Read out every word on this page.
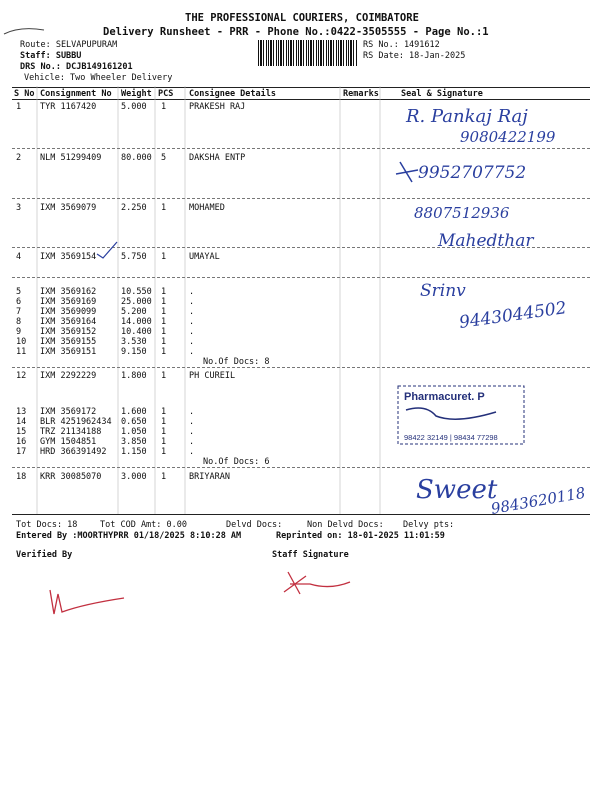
THE PROFESSIONAL COURIERS, COIMBATORE
Delivery Runsheet - PRR - Phone No.:0422-3505555 - Page No.:1
Route: SELVAPUPURAM
Staff: SUBBU
DRS No.: DCJB149161201
Vehicle: Two Wheeler Delivery
RS No.: 1491612
RS Date: 18-Jan-2025
S No Consignment No Weight PCS Consignee Details	Remarks	Seal & Signature
1 TYR 1167420	5.000 1	PRAKESH RAJ
2 NLM 51299409 80.000 5	DAKSHA ENTP
3 IXM 3569079	2.250 1	MOHAMED
4 IXM 3569154	5.750 1	UMAYAL
5 IXM 3569162	10.550 1	.
6 IXM 3569169	25.000 1	.
7 IXM 3569099	5.200 1	.
8 IXM 3569164	14.000 1	.
9 IXM 3569152	10.400 1	.
10 IXM 3569155	3.530 1	.
11 IXM 3569151	9.150 1	.
No.Of Docs: 8
12 IXM 2292229	1.800 1	PH CUREIL
13 IXM 3569172	1.600 1	.
14 BLR 4251962434 0.650 1	.
15 TRZ 21134188 1.050 1	.
16 GYM 1504851	3.850 1	.
17 HRD 366391492 1.150 1	.
No.Of Docs: 6
18 KRR 30085070 3.000 1	BRIYARAN
R. Pankaj Raj
9080422199
9952707752
8807512936
Mahedthar
Srinv
9443044502
Pharmacuret. P
98422 32149 | 98434 77298
Sweet
9843620118
Tot Docs: 18	Tot COD Amt: 0.00	Delvd Docs:	Non Delvd Docs: Delvy pts:
Entered By :MOORTHYPRR 01/18/2025 8:10:28 AM	Reprinted on: 18-01-2025 11:01:59
Verified By	Staff Signature
